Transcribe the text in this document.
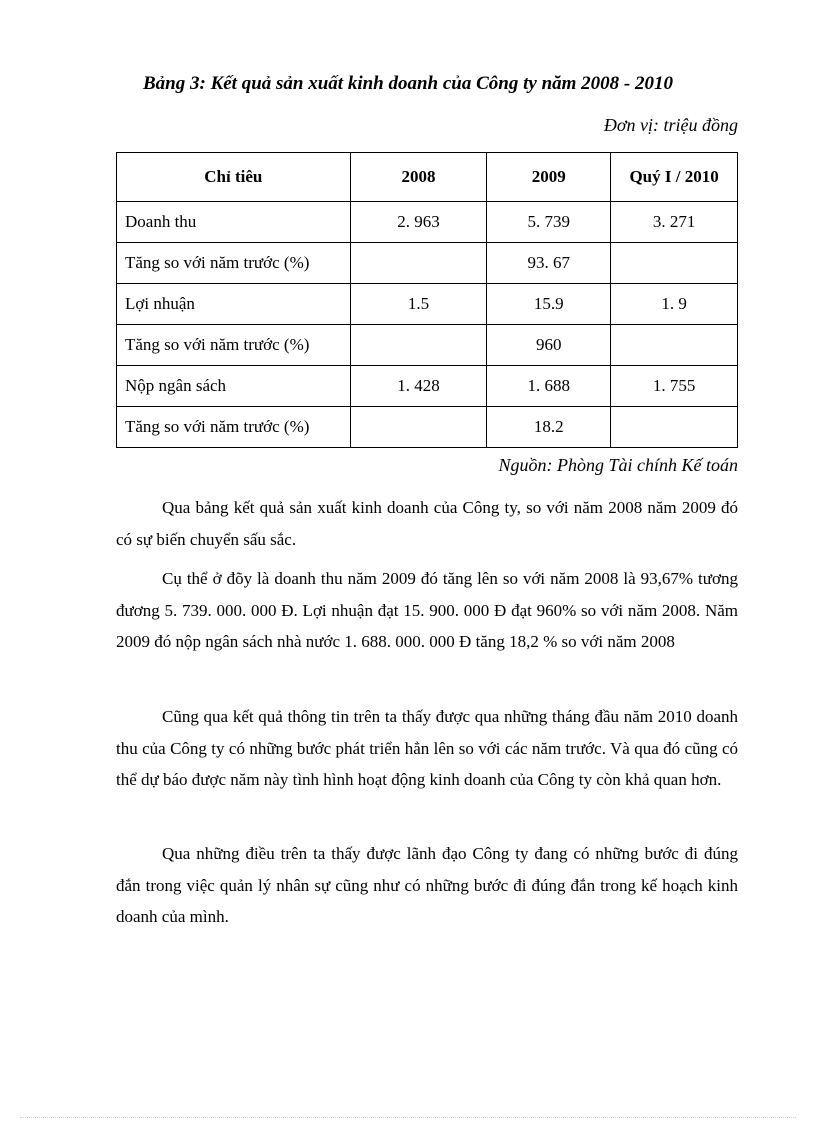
Bảng 3: Kết quả sản xuất kinh doanh của Công ty năm 2008 - 2010
Đơn vị: triệu đồng
Chỉ tiêu	2008	2009	Quý I / 2010
Doanh thu	2. 963	5. 739	3. 271
Tăng so với năm trước (%)		93. 67	
Lợi nhuận	1.5	15.9	1. 9
Tăng so với năm trước (%)		960	
Nộp ngân sách	1. 428	1. 688	1. 755
Tăng so với năm trước (%)		18.2	
Nguồn: Phòng Tài chính Kế toán

Qua bảng kết quả sản xuất kinh doanh của Công ty, so với năm 2008 năm 2009 đó có sự biến chuyển sấu sắc.

Cụ thể ở đõy là doanh thu năm 2009 đó tăng lên so với năm 2008 là 93,67% tương đương 5. 739. 000. 000 Đ. Lợi nhuận đạt 15. 900. 000 Đ đạt 960% so với năm 2008. Năm 2009 đó nộp ngân sách nhà nước 1. 688. 000. 000 Đ tăng 18,2 % so với năm 2008

Cũng qua kết quả thông tin trên ta thấy được qua những tháng đầu năm 2010 doanh thu của Công ty có những bước phát triển hẳn lên so với các năm trước. Và qua đó cũng có thể dự báo được năm này tình hình hoạt động kinh doanh của Công ty còn khả quan hơn.

Qua những điều trên ta thấy được lãnh đạo Công ty đang có những bước đi đúng đắn trong việc quản lý nhân sự cũng như có những bước đi đúng đắn trong kế hoạch kinh doanh của mình.
